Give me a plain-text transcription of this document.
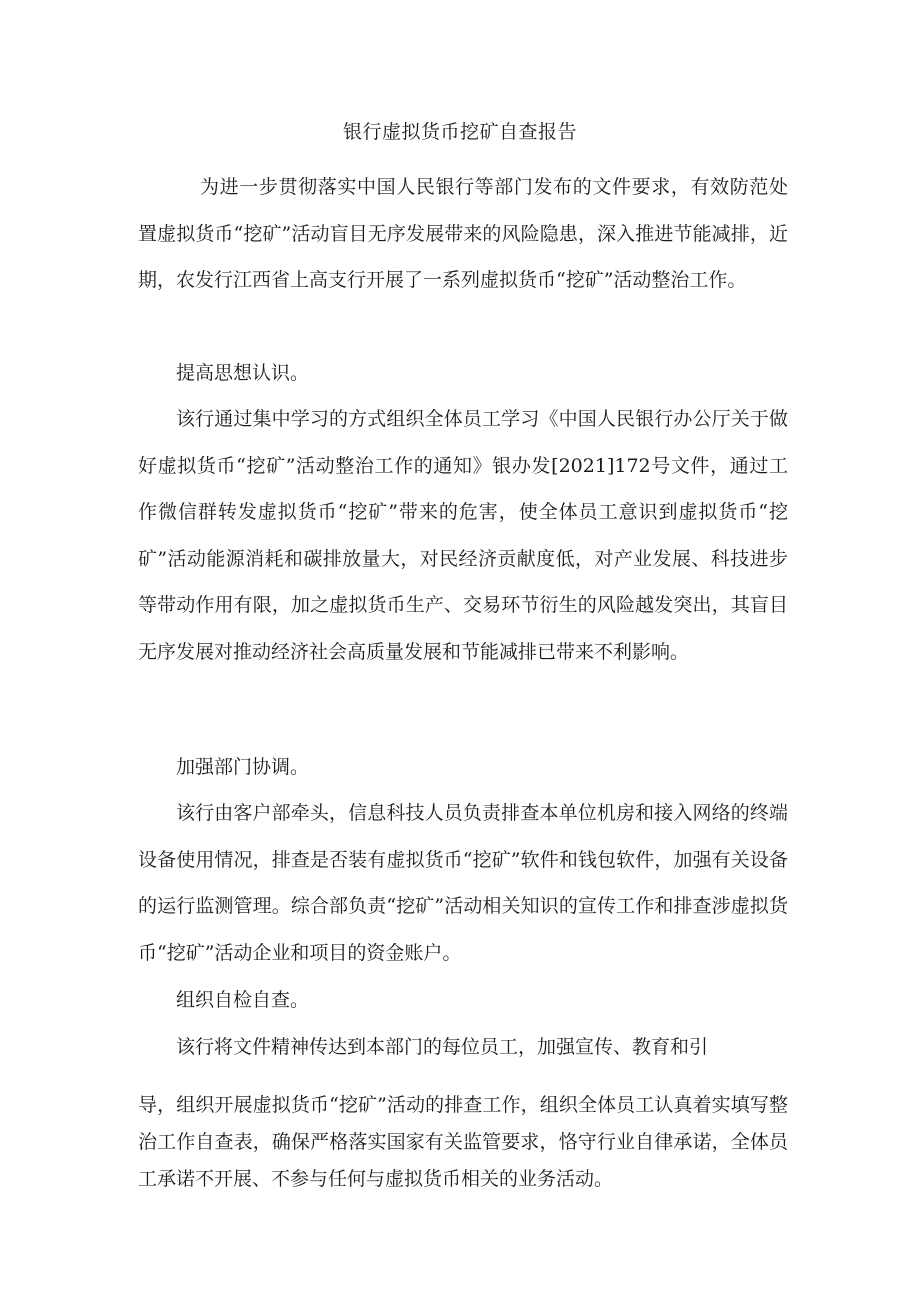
银行虚拟货币挖矿自查报告
为进一步贯彻落实中国人民银行等部门发布的文件要求，有效防范处置虚拟货币“挖矿”活动盲目无序发展带来的风险隐患，深入推进节能减排，近期，农发行江西省上高支行开展了一系列虚拟货币“挖矿”活动整治工作。
提高思想认识。
该行通过集中学习的方式组织全体员工学习《中国人民银行办公厅关于做好虚拟货币“挖矿”活动整治工作的通知》银办发[2021]172号文件，通过工作微信群转发虚拟货币“挖矿”带来的危害，使全体员工意识到虚拟货币“挖矿”活动能源消耗和碳排放量大，对民经济贡献度低，对产业发展、科技进步等带动作用有限，加之虚拟货币生产、交易环节衍生的风险越发突出，其盲目无序发展对推动经济社会高质量发展和节能减排已带来不利影响。
加强部门协调。
该行由客户部牵头，信息科技人员负责排查本单位机房和接入网络的终端设备使用情况，排查是否装有虚拟货币“挖矿”软件和钱包软件，加强有关设备的运行监测管理。综合部负责“挖矿”活动相关知识的宣传工作和排查涉虚拟货币“挖矿”活动企业和项目的资金账户。
组织自检自查。
该行将文件精神传达到本部门的每位员工，加强宣传、教育和引
导，组织开展虚拟货币“挖矿”活动的排查工作，组织全体员工认真着实填写整治工作自查表，确保严格落实国家有关监管要求，恪守行业自律承诺，全体员工承诺不开展、不参与任何与虚拟货币相关的业务活动。
